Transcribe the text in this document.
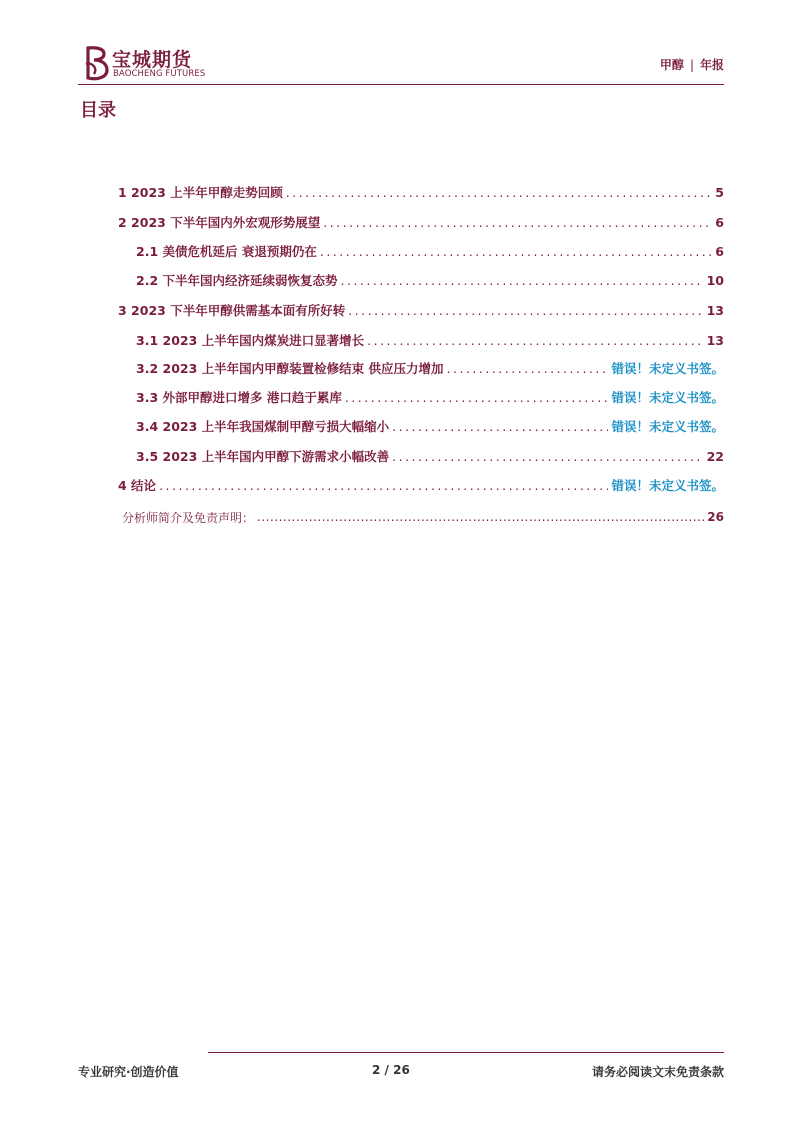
宝城期货
BAOCHENG FUTURES
甲醇 | 年报
目录
1 2023 上半年甲醇走势回顾 .....	5
2 2023 下半年国内外宏观形势展望 .....	6
2.1 美债危机延后 衰退预期仍在 .....	6
2.2 下半年国内经济延续弱恢复态势 .....	10
3 2023 下半年甲醇供需基本面有所好转 .....	13
3.1 2023 上半年国内煤炭进口显著增长 .....	13
3.2 2023 上半年国内甲醇装置检修结束 供应压力增加 .....	错误！未定义书签。
3.3 外部甲醇进口增多 港口趋于累库 .....	错误！未定义书签。
3.4 2023 上半年我国煤制甲醇亏损大幅缩小 .....	错误！未定义书签。
3.5 2023 上半年国内甲醇下游需求小幅改善 .....	22
4 结论 .....	错误！未定义书签。
分析师简介及免责声明： .....	26
专业研究·创造价值	2 / 26	请务必阅读文末免责条款
